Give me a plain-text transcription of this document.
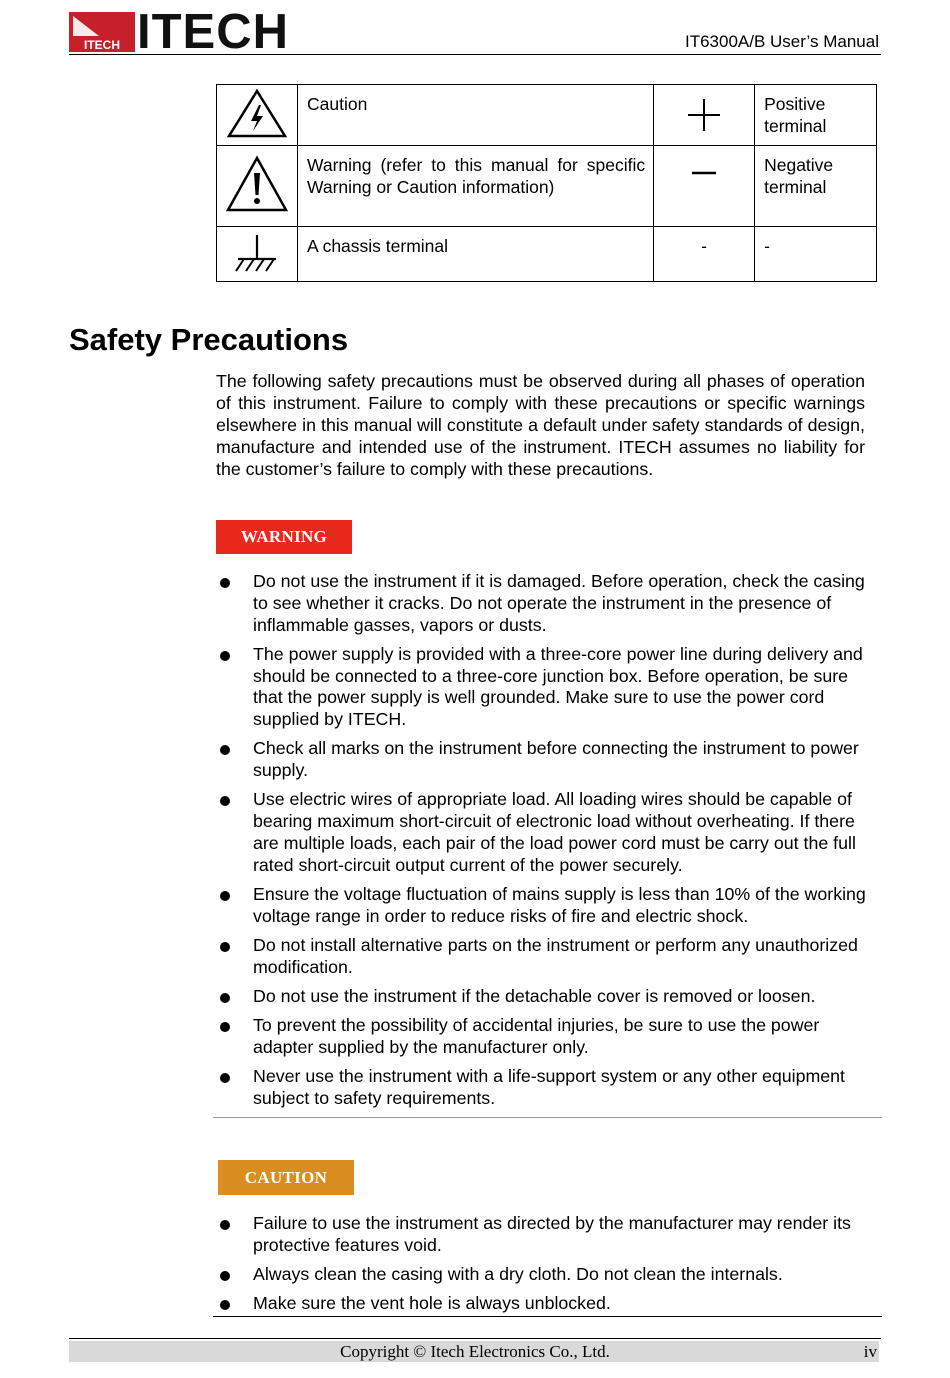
ITECH ITECH	IT6300A/B User’s Manual
	Caution		Positive terminal
	Warning (refer to this manual for specific Warning or Caution information)		Negative terminal
	A chassis terminal	-	-
Safety Precautions
The following safety precautions must be observed during all phases of operation of this instrument. Failure to comply with these precautions or specific warnings elsewhere in this manual will constitute a default under safety standards of design, manufacture and intended use of the instrument. ITECH assumes no liability for the customer’s failure to comply with these precautions.
WARNING
Do not use the instrument if it is damaged. Before operation, check the casing to see whether it cracks. Do not operate the instrument in the presence of inflammable gasses, vapors or dusts.
The power supply is provided with a three-core power line during delivery and should be connected to a three-core junction box. Before operation, be sure that the power supply is well grounded. Make sure to use the power cord supplied by ITECH.
Check all marks on the instrument before connecting the instrument to power supply.
Use electric wires of appropriate load. All loading wires should be capable of bearing maximum short-circuit of electronic load without overheating. If there are multiple loads, each pair of the load power cord must be carry out the full rated short-circuit output current of the power securely.
Ensure the voltage fluctuation of mains supply is less than 10% of the working voltage range in order to reduce risks of fire and electric shock.
Do not install alternative parts on the instrument or perform any unauthorized modification.
Do not use the instrument if the detachable cover is removed or loosen.
To prevent the possibility of accidental injuries, be sure to use the power adapter supplied by the manufacturer only.
Never use the instrument with a life-support system or any other equipment subject to safety requirements.
CAUTION
Failure to use the instrument as directed by the manufacturer may render its protective features void.
Always clean the casing with a dry cloth. Do not clean the internals.
Make sure the vent hole is always unblocked.
Copyright © Itech Electronics Co., Ltd.	iv
